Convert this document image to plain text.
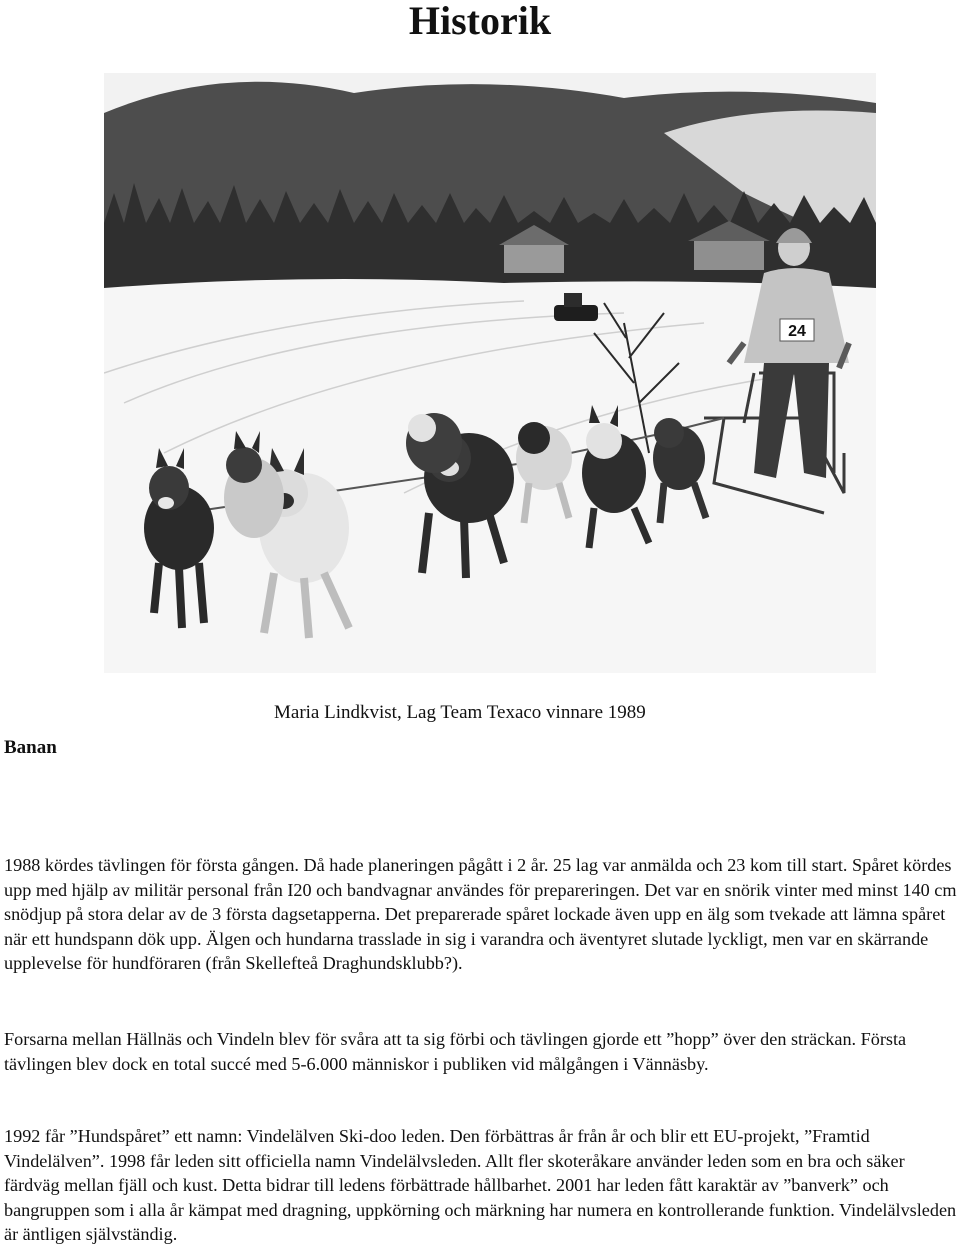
Historik
24
Maria Lindkvist, Lag Team Texaco vinnare 1989
Banan

1988 kördes tävlingen för första gången. Då hade planeringen pågått i 2 år. 25 lag var anmälda och 23 kom till start. Spåret kördes upp med hjälp av militär personal från I20 och bandvagnar användes för prepareringen. Det var en snörik vinter med minst 140 cm snödjup på stora delar av de 3 första dagsetapperna. Det preparerade spåret lockade även upp en älg som tvekade att lämna spåret när ett hundspann dök upp. Älgen och hundarna trasslade in sig i varandra och äventyret slutade lyckligt, men var en skärrande upplevelse för hundföraren (från Skellefteå Draghundsklubb?).

Forsarna mellan Hällnäs och Vindeln blev för svåra att ta sig förbi och tävlingen gjorde ett ”hopp” över den sträckan. Första tävlingen blev dock en total succé med 5-6.000 människor i publiken vid målgången i Vännäsby.

1992 får ”Hundspåret” ett namn: Vindelälven Ski-doo leden. Den förbättras år från år och blir ett EU-projekt, ”Framtid Vindelälven”. 1998 får leden sitt officiella namn Vindelälvsleden. Allt fler skoteråkare använder leden som en bra och säker färdväg mellan fjäll och kust. Detta bidrar till ledens förbättrade hållbarhet. 2001 har leden fått karaktär av ”banverk” och bangruppen som i alla år kämpat med dragning, uppkörning och märkning har numera en kontrollerande funktion. Vindelälvsleden är äntligen självständig.
